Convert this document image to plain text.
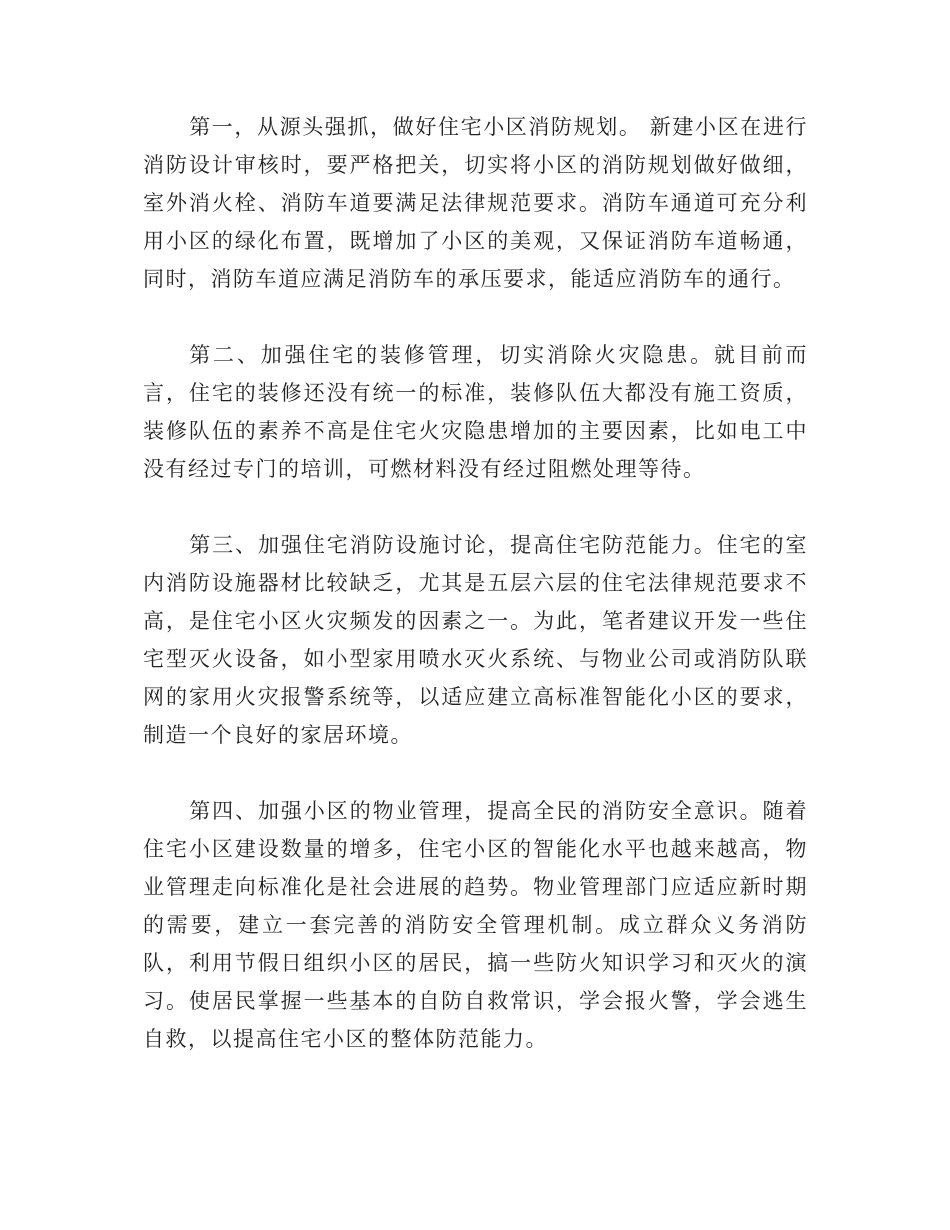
第一，从源头强抓，做好住宅小区消防规划。 新建小区在进行消防设计审核时，要严格把关，切实将小区的消防规划做好做细，室外消火栓、消防车道要满足法律规范要求。消防车通道可充分利用小区的绿化布置，既增加了小区的美观，又保证消防车道畅通，同时，消防车道应满足消防车的承压要求，能适应消防车的通行。

第二、加强住宅的装修管理，切实消除火灾隐患。就目前而言，住宅的装修还没有统一的标准，装修队伍大都没有施工资质，装修队伍的素养不高是住宅火灾隐患增加的主要因素，比如电工中没有经过专门的培训，可燃材料没有经过阻燃处理等待。

第三、加强住宅消防设施讨论，提高住宅防范能力。住宅的室内消防设施器材比较缺乏，尤其是五层六层的住宅法律规范要求不高，是住宅小区火灾频发的因素之一。为此，笔者建议开发一些住宅型灭火设备，如小型家用喷水灭火系统、与物业公司或消防队联网的家用火灾报警系统等，以适应建立高标准智能化小区的要求，制造一个良好的家居环境。

第四、加强小区的物业管理，提高全民的消防安全意识。随着住宅小区建设数量的增多，住宅小区的智能化水平也越来越高，物业管理走向标准化是社会进展的趋势。物业管理部门应适应新时期的需要，建立一套完善的消防安全管理机制。成立群众义务消防队，利用节假日组织小区的居民，搞一些防火知识学习和灭火的演习。使居民掌握一些基本的自防自救常识，学会报火警，学会逃生自救，以提高住宅小区的整体防范能力。
